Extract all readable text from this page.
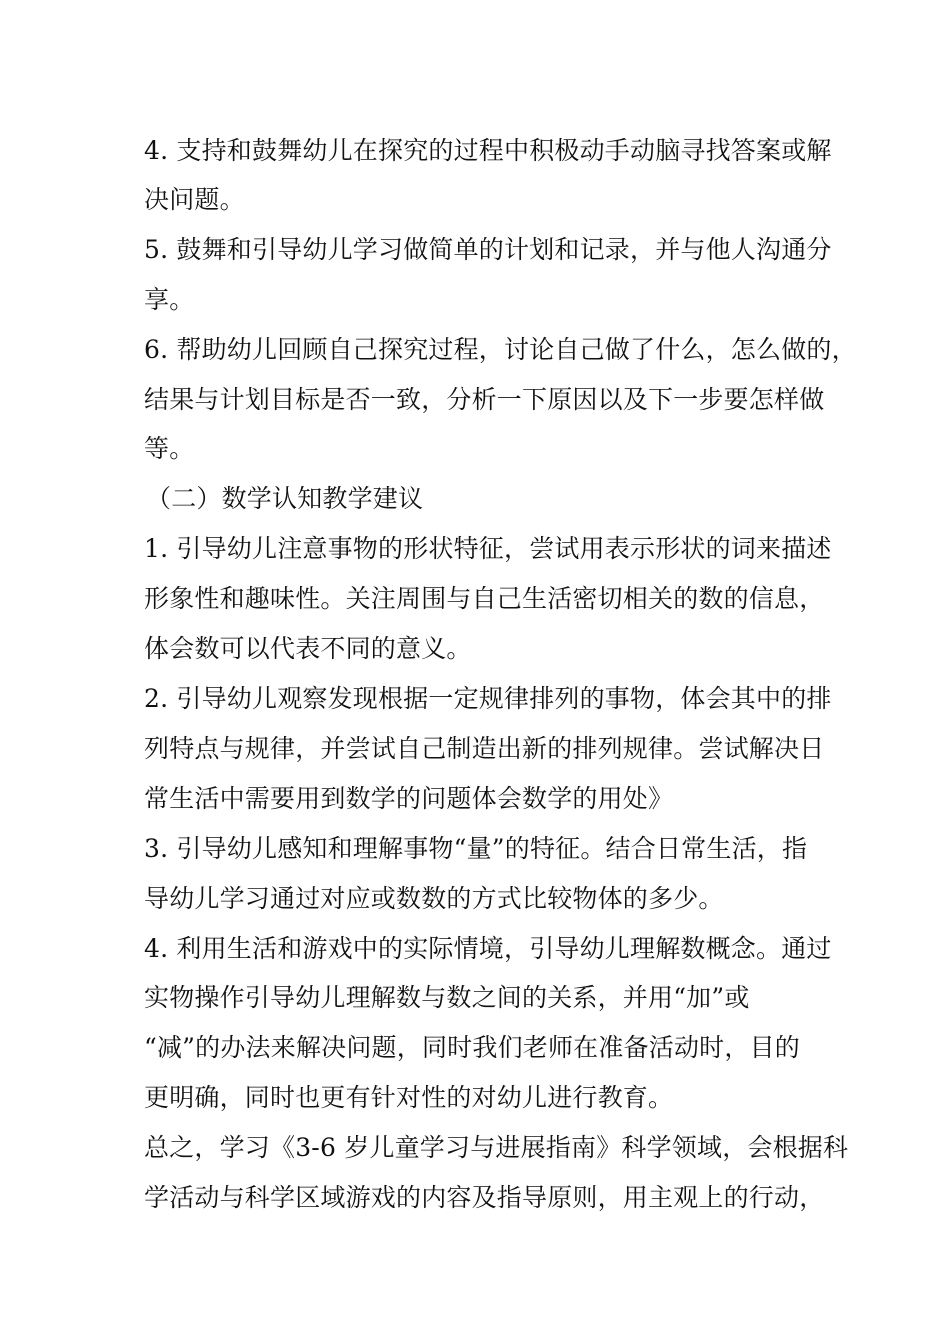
4. 支持和鼓舞幼儿在探究的过程中积极动手动脑寻找答案或解
决问题。
5. 鼓舞和引导幼儿学习做简单的计划和记录，并与他人沟通分
享。
6. 帮助幼儿回顾自己探究过程，讨论自己做了什么，怎么做的，
结果与计划目标是否一致，分析一下原因以及下一步要怎样做
等。
（二）数学认知教学建议
1. 引导幼儿注意事物的形状特征，尝试用表示形状的词来描述
形象性和趣味性。关注周围与自己生活密切相关的数的信息，
体会数可以代表不同的意义。
2. 引导幼儿观察发现根据一定规律排列的事物，体会其中的排
列特点与规律，并尝试自己制造出新的排列规律。尝试解决日
常生活中需要用到数学的问题体会数学的用处》
3. 引导幼儿感知和理解事物“量”的特征。结合日常生活，指
导幼儿学习通过对应或数数的方式比较物体的多少。
4. 利用生活和游戏中的实际情境，引导幼儿理解数概念。通过
实物操作引导幼儿理解数与数之间的关系，并用“加”或
“减”的办法来解决问题，同时我们老师在准备活动时，目的
更明确，同时也更有针对性的对幼儿进行教育。
总之，学习《3-6 岁儿童学习与进展指南》科学领域，会根据科
学活动与科学区域游戏的内容及指导原则，用主观上的行动，
